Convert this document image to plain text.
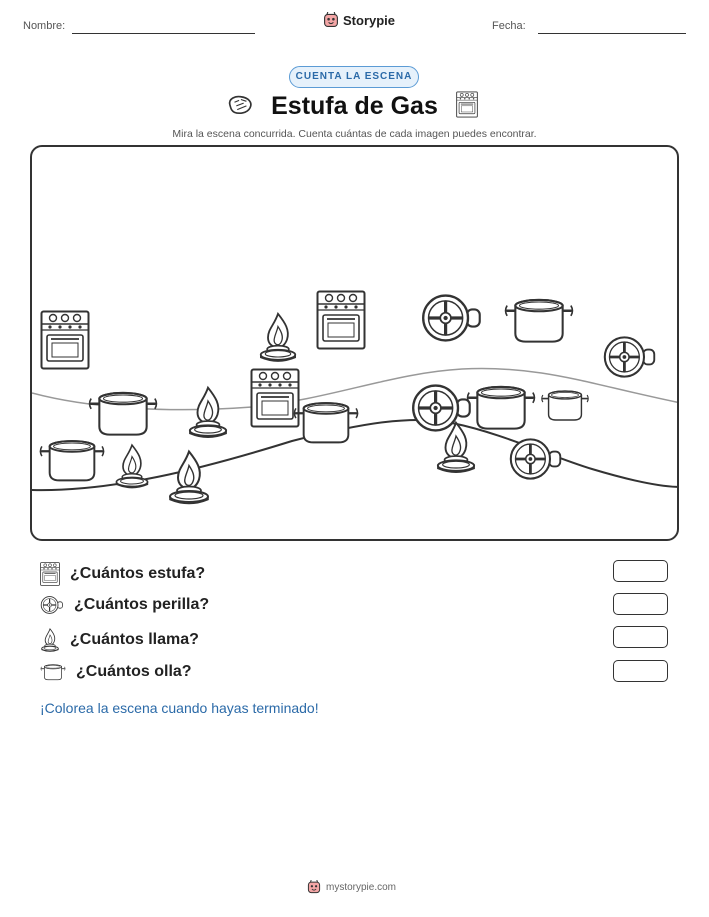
Nombre:	Storypie	Fecha:
CUENTA LA ESCENA
Estufa de Gas
Mira la escena concurrida. Cuenta cuántas de cada imagen puedes encontrar.
¿Cuántos estufa?
¿Cuántos perilla?
¿Cuántos llama?
¿Cuántos olla?
¡Colorea la escena cuando hayas terminado!
mystorypie.com
